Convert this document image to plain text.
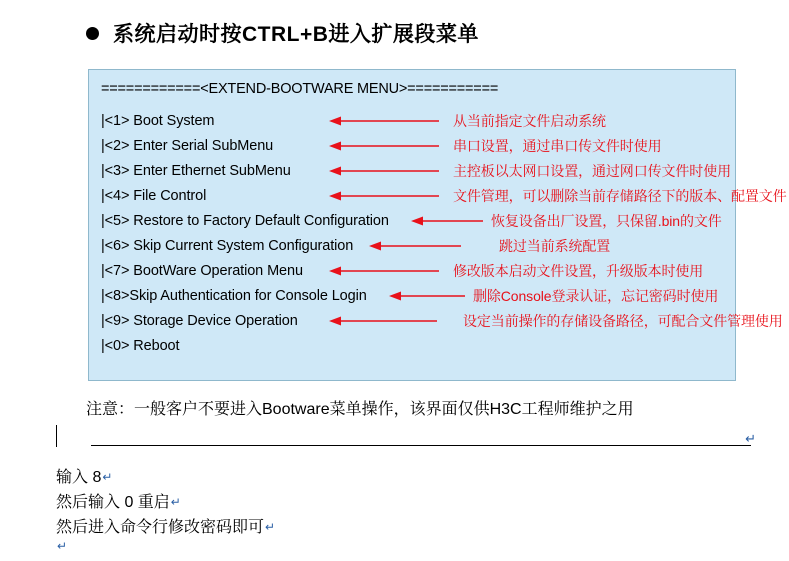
系统启动时按CTRL+B进入扩展段菜单
============<EXTEND-BOOTWARE MENU>===========
|<1> Boot System	从当前指定文件启动系统
|<2> Enter Serial SubMenu	串口设置，通过串口传文件时使用
|<3> Enter Ethernet SubMenu	主控板以太网口设置，通过网口传文件时使用
|<4> File Control	文件管理，可以删除当前存储路径下的版本、配置文件
|<5> Restore to Factory Default Configuration	恢复设备出厂设置，只保留.bin的文件
|<6> Skip Current System Configuration	跳过当前系统配置
|<7> BootWare Operation Menu	修改版本启动文件设置，升级版本时使用
|<8>Skip Authentication for Console Login	删除Console登录认证，忘记密码时使用
|<9> Storage Device Operation	设定当前操作的存储设备路径，可配合文件管理使用
|<0> Reboot
注意：一般客户不要进入Bootware菜单操作，该界面仅供H3C工程师维护之用
↵
输入 8↵
然后输入 0 重启↵
然后进入命令行修改密码即可↵
↵
